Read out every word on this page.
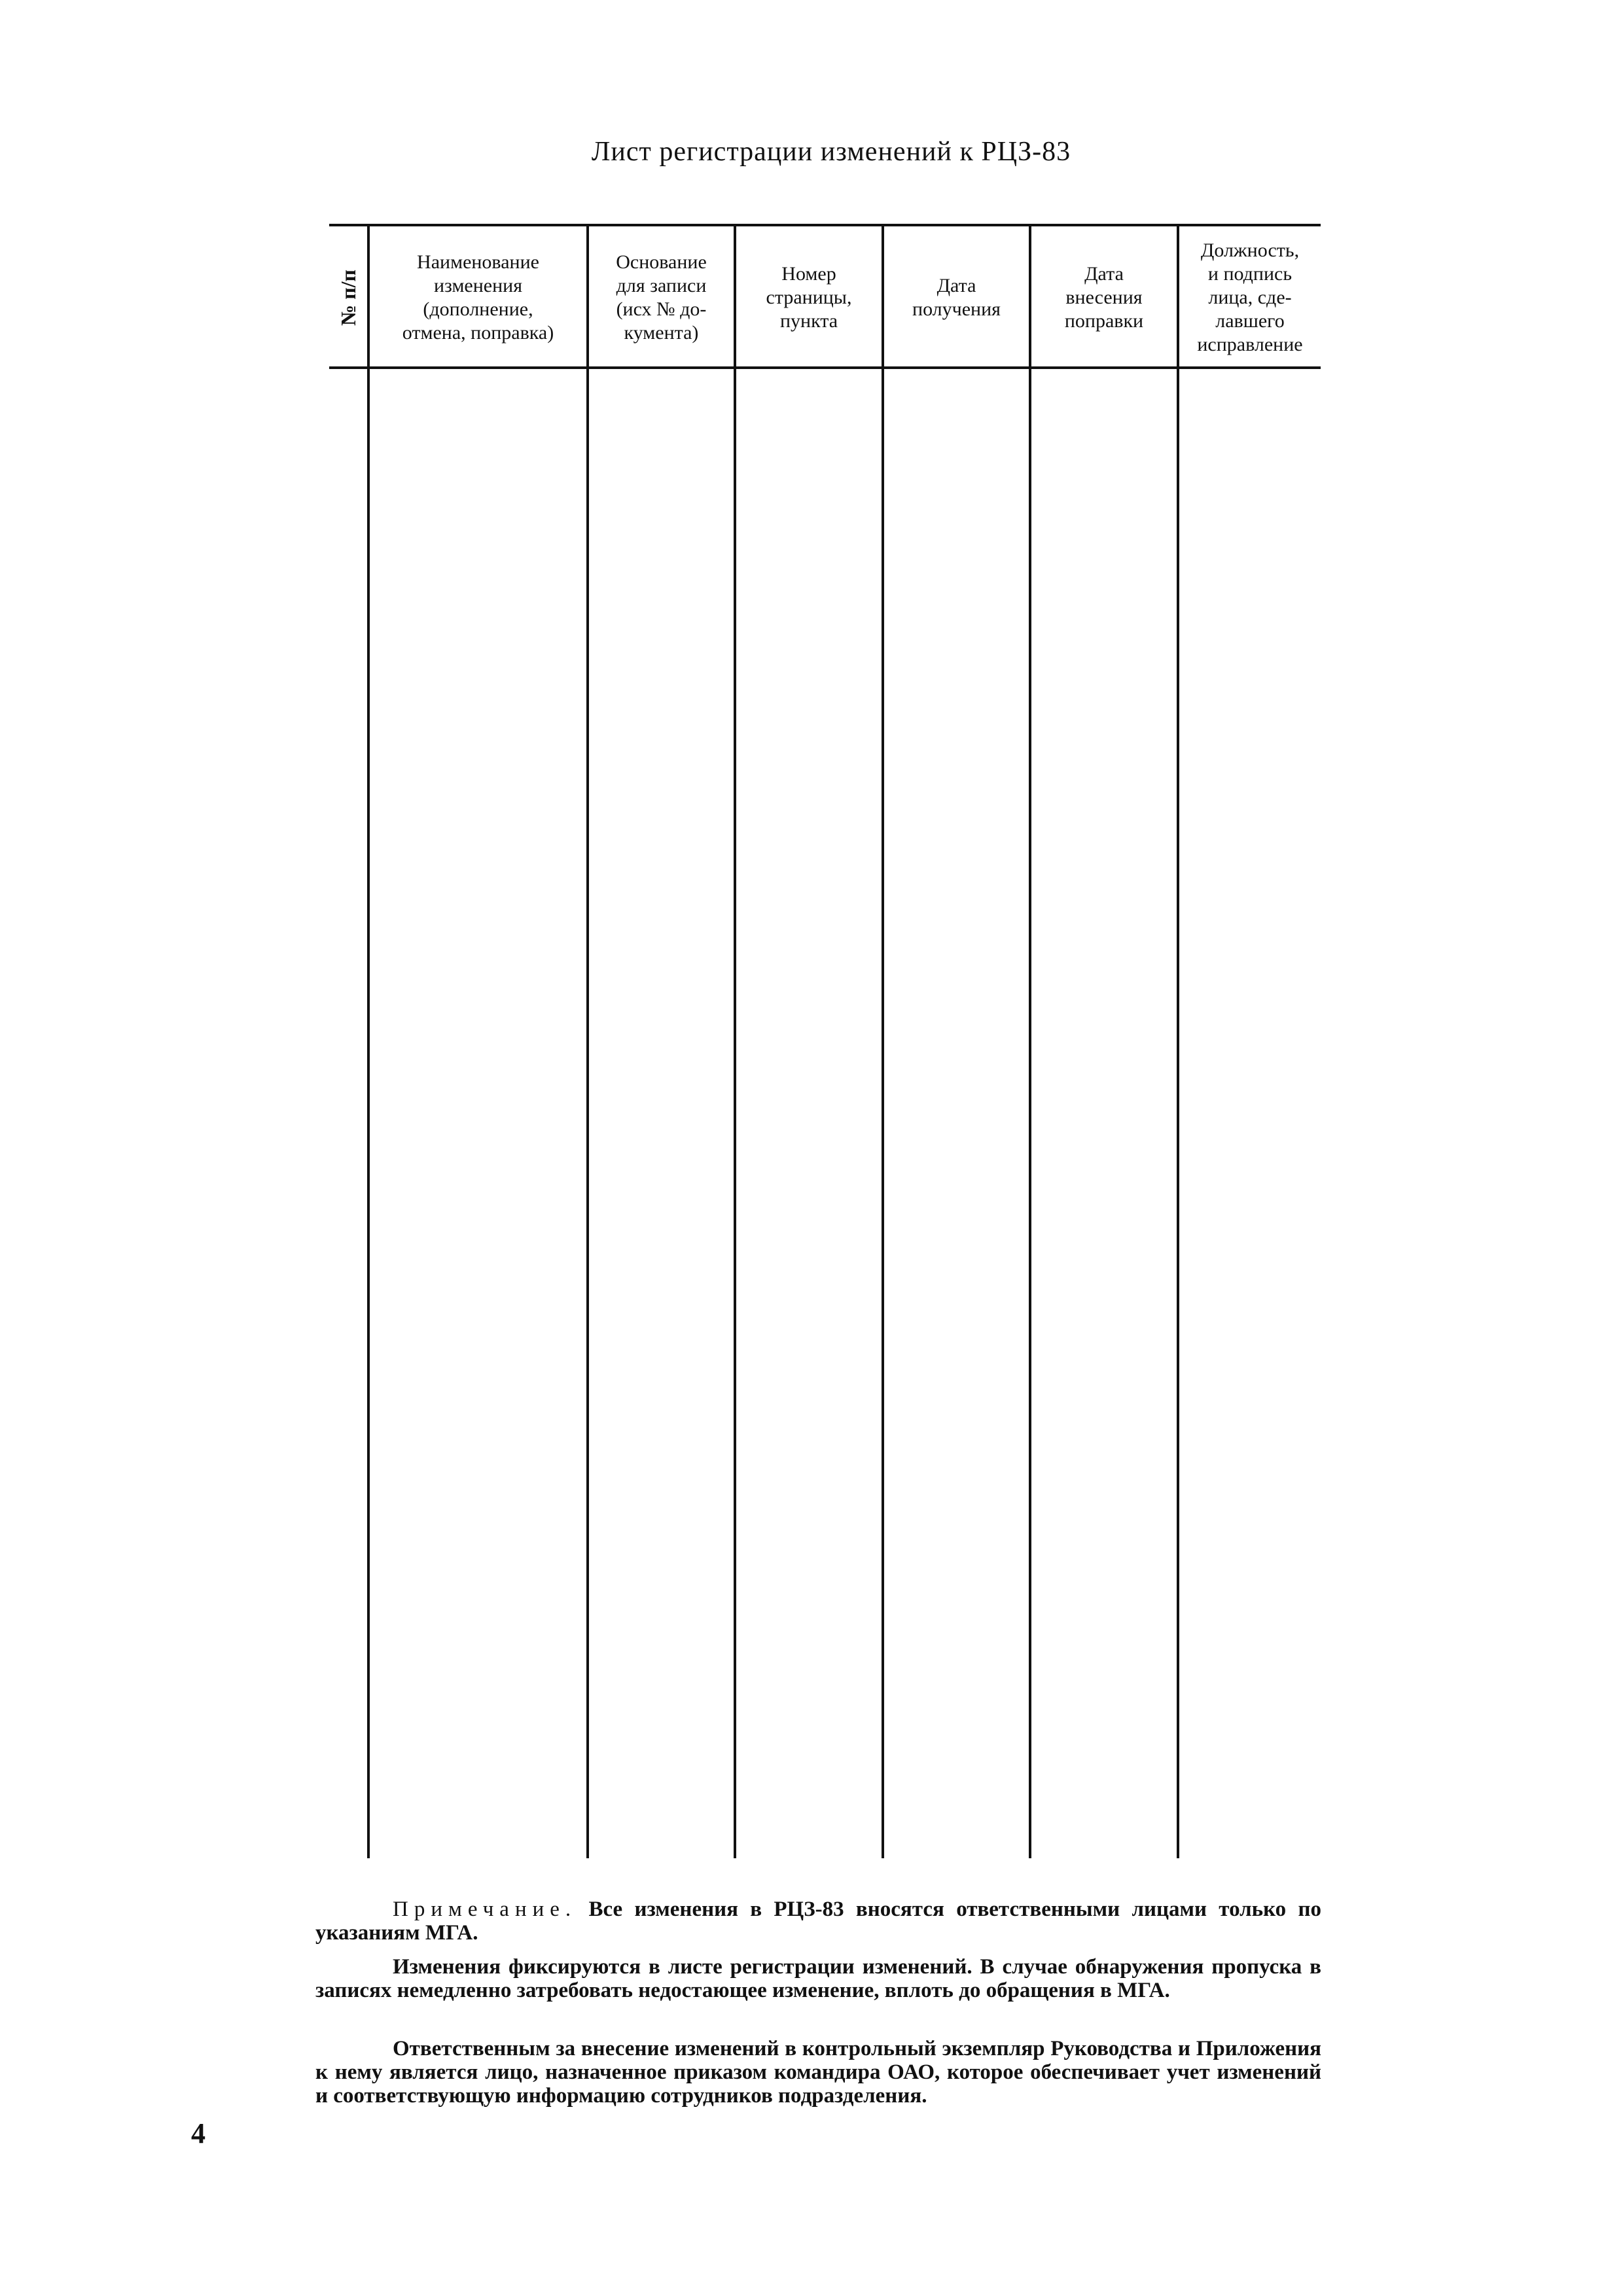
Лист регистрации изменений к РЦЗ-83
№ п/п
Наименование
изменения
(дополнение,
отмена, поправка)
Основание
для записи
(исх № до-
кумента)
Номер
страницы,
пункта
Дата
получения
Дата
внесения
поправки
Должность,
и подпись
лица, сде-
лавшего
исправление
Примечание. Все изменения в РЦЗ-83 вносятся ответственными лицами только по указаниям МГА.
Изменения фиксируются в листе регистрации изменений. В случае обнаружения пропуска в записях немедленно затребовать недостающее изменение, вплоть до обращения в МГА.
Ответственным за внесение изменений в контрольный экземпляр Руководства и Приложения к нему является лицо, назначенное приказом командира ОАО, которое обеспечивает учет изменений и соответствующую информацию сотрудников подразделения.
4
